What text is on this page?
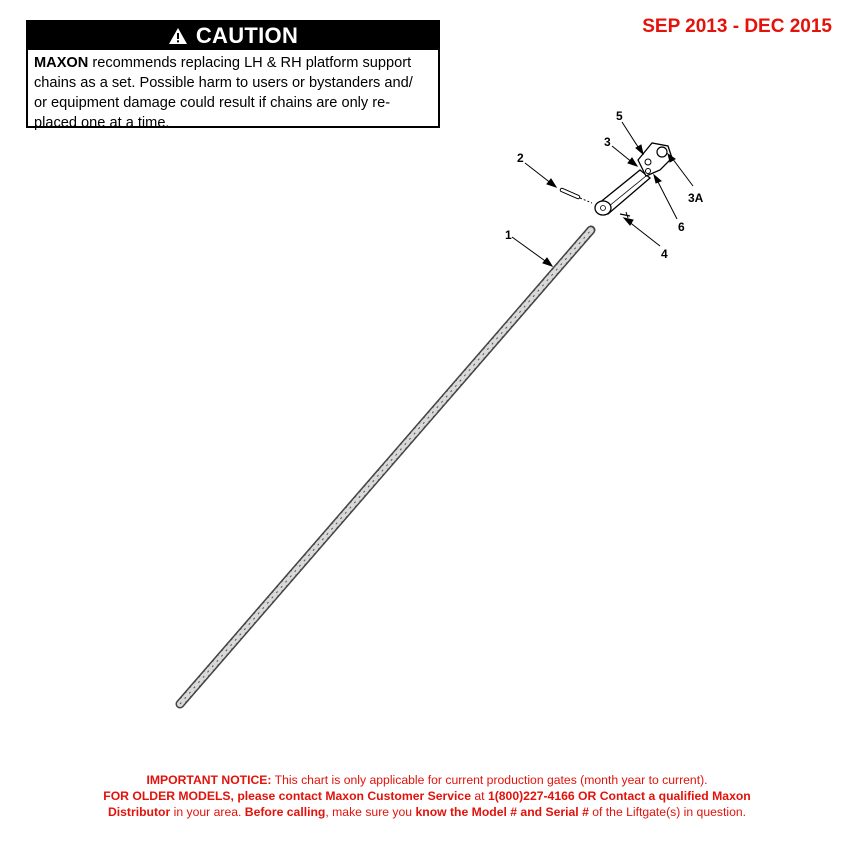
CAUTION
MAXON recommends replacing LH & RH platform support
chains as a set. Possible harm to users or bystanders and/
or equipment damage could result if chains are only re-
placed one at a time.
SEP 2013 - DEC 2015
1
2
3
5
3A
6
4
IMPORTANT NOTICE: This chart is only applicable for current production gates (month year to current).
FOR OLDER MODELS, please contact Maxon Customer Service at 1(800)227-4166 OR Contact a qualified Maxon
Distributor in your area. Before calling, make sure you know the Model # and Serial # of the Liftgate(s) in question.
